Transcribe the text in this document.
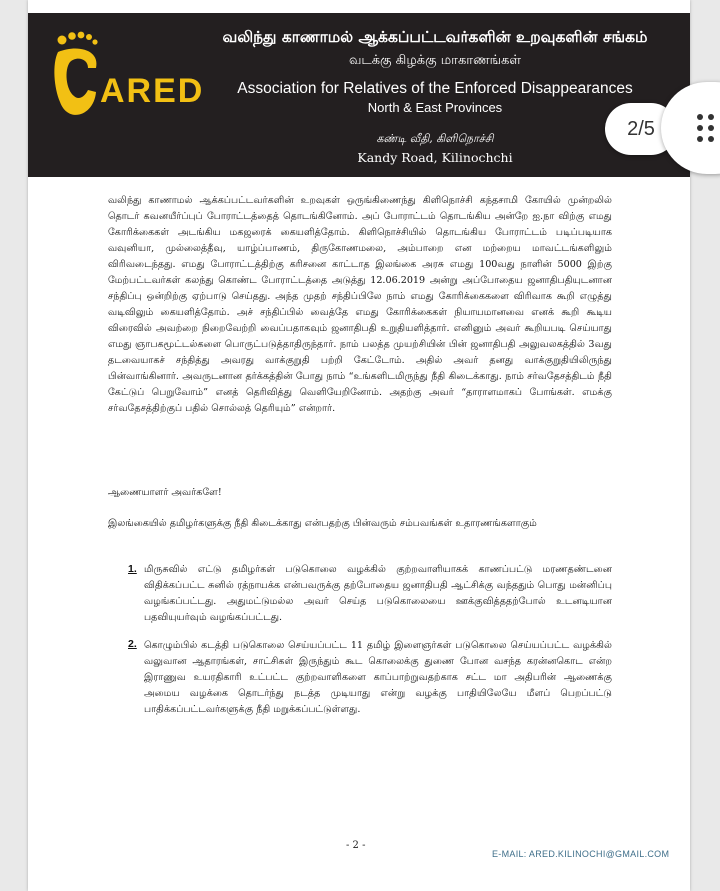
ARED
வலிந்து காணாமல் ஆக்கப்பட்டவர்களின் உறவுகளின் சங்கம்
வடக்கு கிழக்கு மாகாணங்கள்
Association for Relatives of the Enforced Disappearances
North & East Provinces
கண்டி வீதி, கிளிநொச்சி
Kandy Road, Kilinochchi
2/5
வலிந்து காணாமல் ஆக்கப்பட்டவர்களின் உறவுகள் ஒருங்கிணைந்து கிளிநொச்சி கந்தசாமி கோயில் முன்றலில் தொடர் கவனயீர்ப்புப் போராட்டத்தைத் தொடங்கினோம். அப் போராட்டம் தொடங்கிய அன்றே ஐ.நா விற்கு எமது கோரிக்கைகள் அடங்கிய மகஜரைக் கையளித்தோம். கிளிநொச்சியில் தொடங்கிய போராட்டம் படிப்படியாக வவுனியா, முல்லைத்தீவு, யாழ்ப்பாணம், திருகோணமலை, அம்பாறை என மற்றைய மாவட்டங்களிலும் விரிவடைந்தது. எமது போராட்டத்திற்கு கரிசனை காட்டாத இலங்கை அரசு எமது 100வது நாளின் 5000 இற்கு மேற்பட்டவர்கள் கலந்து கொண்ட போராட்டத்தை அடுத்து 12.06.2019 அன்று அப்போதைய ஜனாதிபதியுடனான சந்திப்பு ஒன்றிற்கு ஏற்பாடு செய்தது. அந்த முதற் சந்திப்பிலே நாம் எமது கோரிக்கைகளை விரிவாக கூறி எழுத்து வடிவிலும் கையளித்தோம். அச் சந்திப்பில் வைத்தே எமது கோரிக்கைகள் நியாயமானவை எனக் கூறி கூடிய விரைவில் அவற்றை நிறைவேற்றி வைப்பதாகவும் ஜனாதிபதி உறுதியளித்தார். எனினும் அவர் கூறியபடி செய்யாது எமது ஞாபகமூட்டல்களை பொருட்படுத்தாதிருந்தார். நாம் பலத்த முயற்சியின் பின் ஜனாதிபதி அலுவலகத்தில் 3வது தடவையாகச் சந்தித்து அவரது வாக்குறுதி பற்றி கேட்டோம். அதில் அவர் தனது வாக்குறுதியிலிருந்து பின்வாங்கினார். அவருடனான தர்க்கத்தின் போது நாம் “உங்களிடமிருந்து நீதி கிடைக்காது. நாம் சர்வதேசத்திடம் நீதி கேட்டுப் பெறுவோம்” எனத் தெரிவித்து வெளியேறினோம். அதற்கு அவர் “தாராளமாகப் போங்கள். எமக்கு சர்வதேசத்திற்குப் பதில் சொல்லத் தெரியும்” என்றார்.
ஆணையாளர் அவர்களே!
இலங்கையில் தமிழர்களுக்கு நீதி கிடைக்காது என்பதற்கு பின்வரும் சம்பவங்கள் உதாரணங்களாகும்
1. மிருசுவில் எட்டு தமிழர்கள் படுகொலை வழக்கில் குற்றவாளியாகக் காணப்பட்டு மரணதண்டனை விதிக்கப்பட்ட சுனில் ரத்நாயக்க என்பவருக்கு தற்போதைய ஜனாதிபதி ஆட்சிக்கு வந்ததும் பொது மன்னிப்பு வழங்கப்பட்டது. அதுமட்டுமல்ல அவர் செய்த படுகொலையை ஊக்குவித்ததற்போல் உடனடியான பதவியுயர்வும் வழங்கப்பட்டது.
2. கொழும்பில் கடத்தி படுகொலை செய்யப்பட்ட 11 தமிழ் இளைஞர்கள் படுகொலை செய்யப்பட்ட வழக்கில் வலுவான ஆதாரங்கள், சாட்சிகள் இருந்தும் கூட கொலைக்கு துணை போன வசந்த கரன்னகொட என்ற இராணுவ உயரதிகாரி உட்பட்ட குற்றவாளிகளை காப்பாற்றுவதற்காக சட்ட மா அதிபரின் ஆணைக்கு அமைய வழக்கை தொடர்ந்து நடத்த முடியாது என்று வழக்கு பாதியிலேயே மீளப் பெறப்பட்டு பாதிக்கப்பட்டவர்களுக்கு நீதி மறுக்கப்பட்டுள்ளது.
- 2 -
E-MAIL: ARED.KILINOCHI@GMAIL.COM
